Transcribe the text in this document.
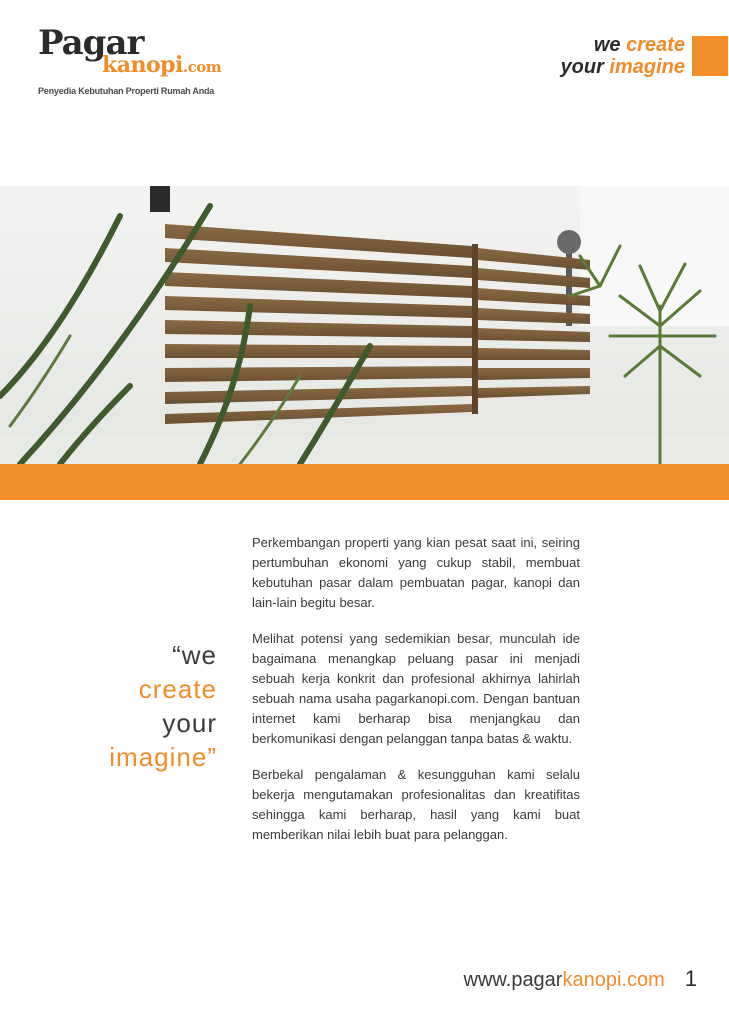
Pagar
kanopi.com
Penyedia Kebutuhan Properti Rumah Anda
we create
your imagine
“we
create
your
imagine”

Perkembangan properti yang kian pesat saat ini, seiring pertumbuhan ekonomi yang cukup stabil, membuat kebutuhan pasar dalam pembuatan pagar, kanopi dan lain-lain begitu besar.

Melihat potensi yang sedemikian besar, munculah ide bagaimana menangkap peluang pasar ini menjadi sebuah kerja konkrit dan profesional akhirnya lahirlah sebuah nama usaha pagarkanopi.com. Dengan bantuan internet kami berharap bisa menjangkau dan berkomunikasi dengan pelanggan tanpa batas & waktu.

Berbekal pengalaman & kesungguhan kami selalu bekerja mengutamakan profesionalitas dan kreatifitas sehingga kami berharap, hasil yang kami buat memberikan nilai lebih buat para pelanggan.

www.pagarkanopi.com 1
